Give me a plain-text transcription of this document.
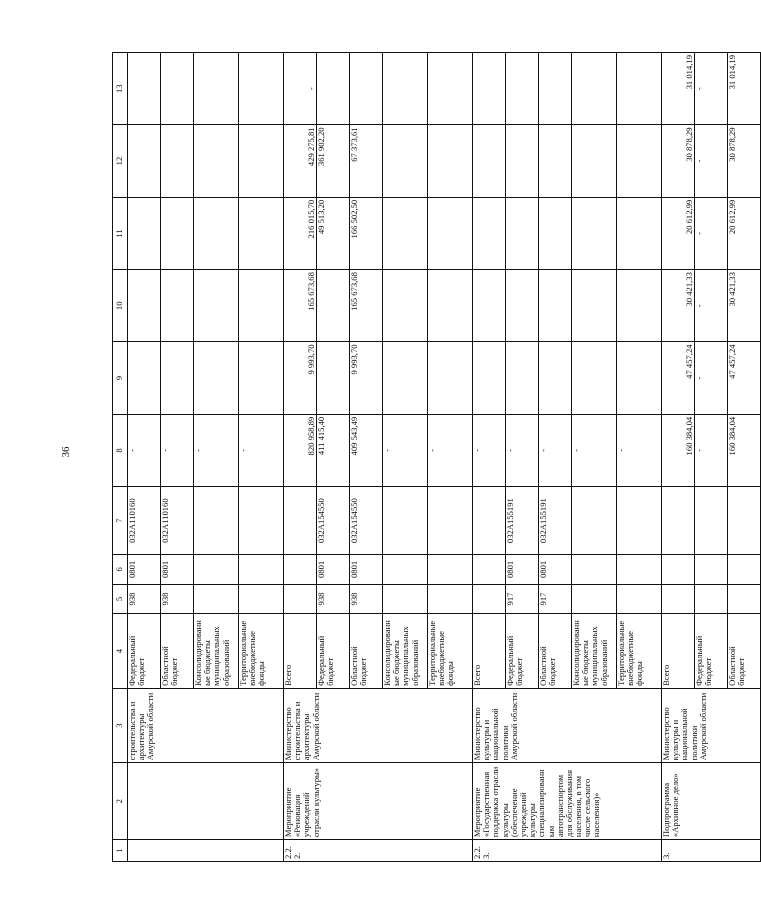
36
1	2	3	4	5	6	7	8	9	10	11	12	13
		строительства и архитектуры Амурской области	Федеральный бюджет	938	0801	032А110160	-					
			Областной бюджет	938	0801	032А110160	-					
			Консолидированные бюджеты муниципальных образований				-					
			Территориальные внебюджетные фонды				-					
2.2.2.	Мероприятие «Реновация учреждений отрасли культуры»	Министерство строительства и архитектуры Амурской области	Всего				820 958,89	9 993,70	165 673,68	216 015,70	429 275,81	-
			Федеральный бюджет	938	0801	032А154550	411 415,40			49 513,20	361 902,20	
			Областной бюджет	938	0801	032А154550	409 543,49	9 993,70	165 673,68	166 502,50	67 373,61	
			Консолидированные бюджеты муниципальных образований				-					
			Территориальные внебюджетные фонды				-					
2.2.3.	Мероприятие «Государственная поддержка отрасли культуры (обеспечение учреждений культуры специализированным автотранспортом для обслуживания населения, в том числе сельского населения)»	Министерство культуры и национальной политики Амурской области	Всего				-					
			Федеральный бюджет	917	0801	032А155191	-					
			Областной бюджет	917	0801	032А155191	-					
			Консолидированные бюджеты муниципальных образований				-					
			Территориальные внебюджетные фонды				-					
3.	Подпрограмма «Архивное дело»	Министерство культуры и национальной политики Амурской области	Всего				160 384,04	47 457,24	30 421,33	20 612,99	30 878,29	31 014,19
			Федеральный бюджет				-	-	-	-	-	-
			Областной бюджет				160 384,04	47 457,24	30 421,33	20 612,99	30 878,29	31 014,19
